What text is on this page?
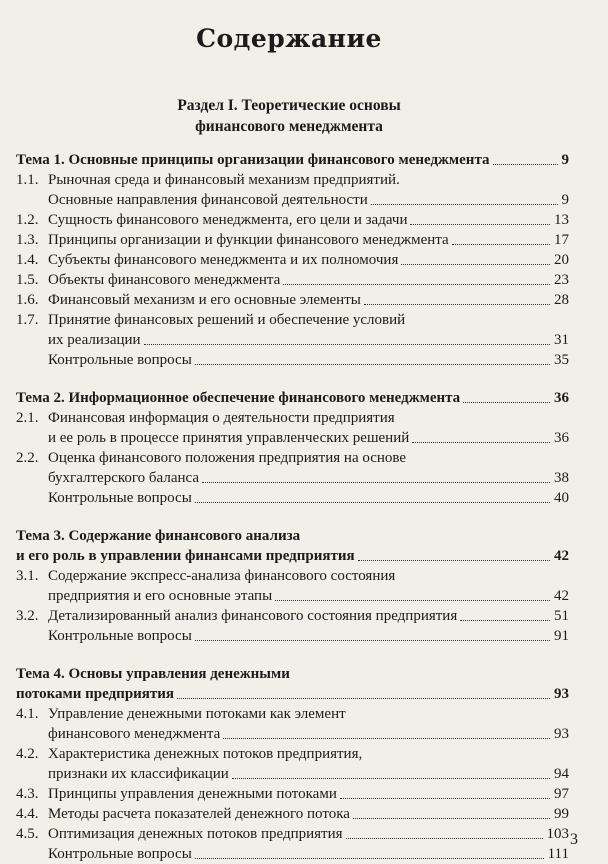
Содержание
Раздел I. Теоретические основы
финансового менеджмента
Тема 1. Основные принципы организации финансового менеджмента	9
1.1. Рыночная среда и финансовый механизм предприятий.
Основные направления финансовой деятельности	9
1.2. Сущность финансового менеджмента, его цели и задачи	13
1.3. Принципы организации и функции финансового менеджмента	17
1.4. Субъекты финансового менеджмента и их полномочия	20
1.5. Объекты финансового менеджмента	23
1.6. Финансовый механизм и его основные элементы	28
1.7. Принятие финансовых решений и обеспечение условий
их реализации	31
Контрольные вопросы	35
Тема 2. Информационное обеспечение финансового менеджмента	36
2.1. Финансовая информация о деятельности предприятия
и ее роль в процессе принятия управленческих решений	36
2.2. Оценка финансового положения предприятия на основе
бухгалтерского баланса	38
Контрольные вопросы	40
Тема 3. Содержание финансового анализа
и его роль в управлении финансами предприятия	42
3.1. Содержание экспресс-анализа финансового состояния
предприятия и его основные этапы	42
3.2. Детализированный анализ финансового состояния предприятия	51
Контрольные вопросы	91
Тема 4. Основы управления денежными
потоками предприятия	93
4.1. Управление денежными потоками как элемент
финансового менеджмента	93
4.2. Характеристика денежных потоков предприятия,
признаки их классификации	94
4.3. Принципы управления денежными потоками	97
4.4. Методы расчета показателей денежного потока	99
4.5. Оптимизация денежных потоков предприятия	103
Контрольные вопросы	111
3
